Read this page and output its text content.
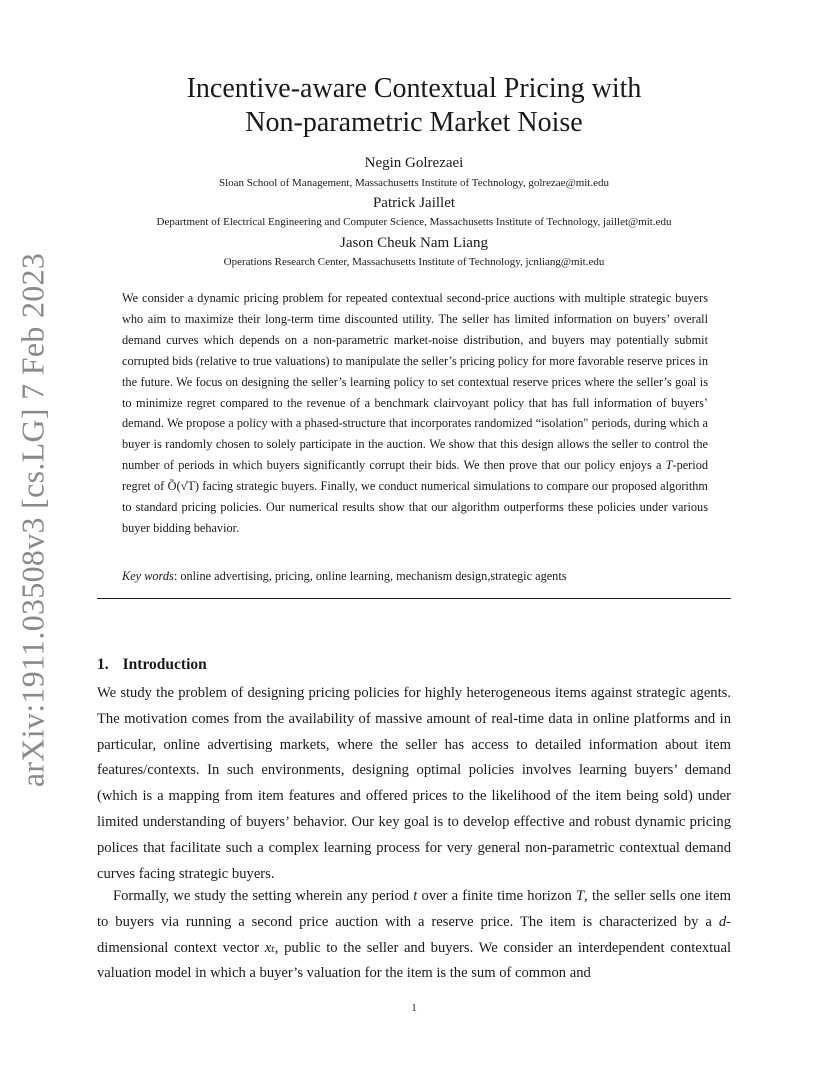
arXiv:1911.03508v3 [cs.LG] 7 Feb 2023
Incentive-aware Contextual Pricing with
Non-parametric Market Noise
Negin Golrezaei
Sloan School of Management, Massachusetts Institute of Technology, golrezae@mit.edu
Patrick Jaillet
Department of Electrical Engineering and Computer Science, Massachusetts Institute of Technology, jaillet@mit.edu
Jason Cheuk Nam Liang
Operations Research Center, Massachusetts Institute of Technology, jcnliang@mit.edu

We consider a dynamic pricing problem for repeated contextual second-price auctions with multiple strategic buyers who aim to maximize their long-term time discounted utility. The seller has limited information on buyers’ overall demand curves which depends on a non-parametric market-noise distribution, and buyers may potentially submit corrupted bids (relative to true valuations) to manipulate the seller’s pricing policy for more favorable reserve prices in the future. We focus on designing the seller’s learning policy to set contextual reserve prices where the seller’s goal is to minimize regret compared to the revenue of a benchmark clairvoyant policy that has full information of buyers’ demand. We propose a policy with a phased-structure that incorporates randomized “isolation" periods, during which a buyer is randomly chosen to solely participate in the auction. We show that this design allows the seller to control the number of periods in which buyers significantly corrupt their bids. We then prove that our policy enjoys a T-period regret of Õ(√T) facing strategic buyers. Finally, we conduct numerical simulations to compare our proposed algorithm to standard pricing policies. Our numerical results show that our algorithm outperforms these policies under various buyer bidding behavior.

Key words: online advertising, pricing, online learning, mechanism design,strategic agents
1. Introduction

We study the problem of designing pricing policies for highly heterogeneous items against strategic agents. The motivation comes from the availability of massive amount of real-time data in online platforms and in particular, online advertising markets, where the seller has access to detailed information about item features/contexts. In such environments, designing optimal policies involves learning buyers’ demand (which is a mapping from item features and offered prices to the likelihood of the item being sold) under limited understanding of buyers’ behavior. Our key goal is to develop effective and robust dynamic pricing polices that facilitate such a complex learning process for very general non-parametric contextual demand curves facing strategic buyers.

Formally, we study the setting wherein any period t over a finite time horizon T, the seller sells one item to buyers via running a second price auction with a reserve price. The item is characterized by a d-dimensional context vector xₜ, public to the seller and buyers. We consider an interdependent contextual valuation model in which a buyer’s valuation for the item is the sum of common and

1
